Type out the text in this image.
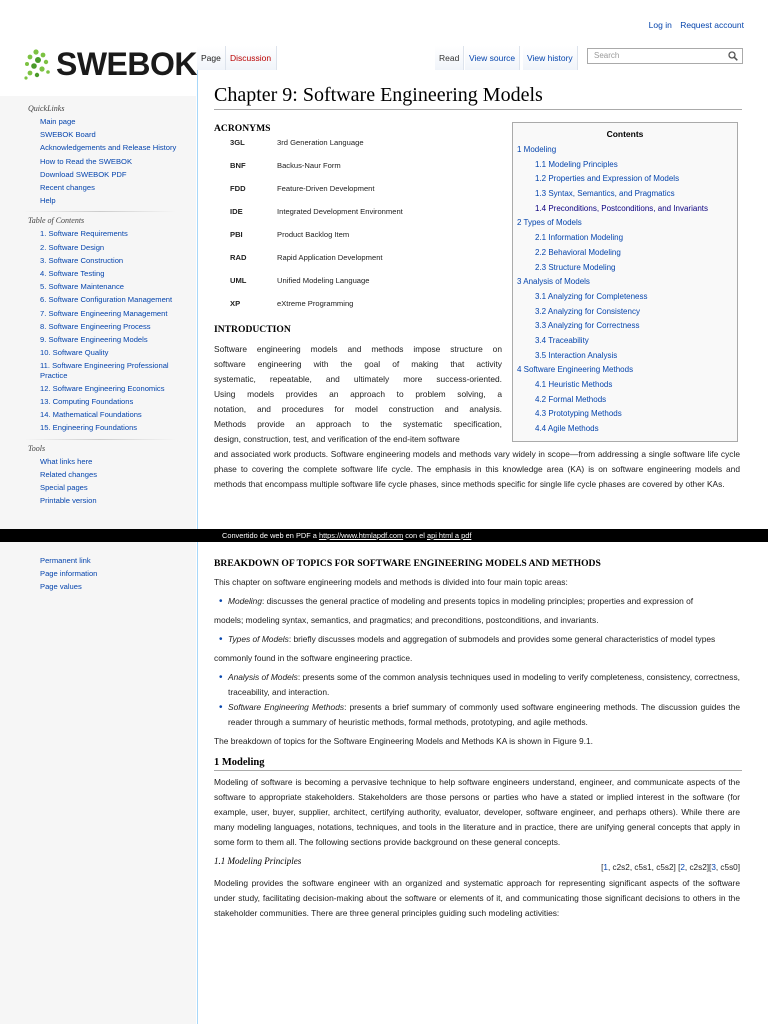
Log in Request account
SWEBOK
QuickLinks
Main page
SWEBOK Board
Acknowledgements and Release History
How to Read the SWEBOK
Download SWEBOK PDF
Recent changes
Help
Table of Contents
1. Software Requirements
2. Software Design
3. Software Construction
4. Software Testing
5. Software Maintenance
6. Software Configuration Management
7. Software Engineering Management
8. Software Engineering Process
9. Software Engineering Models
10. Software Quality
11. Software Engineering Professional Practice
12. Software Engineering Economics
13. Computing Foundations
14. Mathematical Foundations
15. Engineering Foundations
Tools
What links here
Related changes
Special pages
Printable version
Permanent link
Page information
Page values
Page	Discussion	Read	View source	View history	Search
Chapter 9: Software Engineering Models
ACRONYMS
3GL	3rd Generation Language
BNF	Backus-Naur Form
FDD	Feature-Driven Development
IDE	Integrated Development Environment
PBI	Product Backlog Item
RAD	Rapid Application Development
UML	Unified Modeling Language
XP	eXtreme Programming
INTRODUCTION
Software engineering models and methods impose structure on
software engineering with the goal of making that activity
systematic, repeatable, and ultimately more success-oriented.
Using models provides an approach to problem solving, a
notation, and procedures for model construction and analysis.
Methods provide an approach to the systematic specification,
design, construction, test, and verification of the end-item software
and associated work products. Software engineering models and methods vary widely in scope—from addressing a single software life cycle phase to covering the complete software life cycle. The emphasis in this knowledge area (KA) is on software engineering models and methods that encompass multiple software life cycle phases, since methods specific for single life cycle phases are covered by other KAs.
Contents
1 Modeling
1.1 Modeling Principles
1.2 Properties and Expression of Models
1.3 Syntax, Semantics, and Pragmatics
1.4 Preconditions, Postconditions, and Invariants
2 Types of Models
2.1 Information Modeling
2.2 Behavioral Modeling
2.3 Structure Modeling
3 Analysis of Models
3.1 Analyzing for Completeness
3.2 Analyzing for Consistency
3.3 Analyzing for Correctness
3.4 Traceability
3.5 Interaction Analysis
4 Software Engineering Methods
4.1 Heuristic Methods
4.2 Formal Methods
4.3 Prototyping Methods
4.4 Agile Methods
Convertido de web en PDF a https://www.htmlapdf.com con el api html a pdf
BREAKDOWN OF TOPICS FOR SOFTWARE ENGINEERING MODELS AND METHODS
This chapter on software engineering models and methods is divided into four main topic areas:
• Modeling: discusses the general practice of modeling and presents topics in modeling principles; properties and expression of
models; modeling syntax, semantics, and pragmatics; and preconditions, postconditions, and invariants.
• Types of Models: briefly discusses models and aggregation of submodels and provides some general characteristics of model types
commonly found in the software engineering practice.
• Analysis of Models: presents some of the common analysis techniques used in modeling to verify completeness, consistency, correctness, traceability, and interaction.
• Software Engineering Methods: presents a brief summary of commonly used software engineering methods. The discussion guides the reader through a summary of heuristic methods, formal methods, prototyping, and agile methods.
The breakdown of topics for the Software Engineering Models and Methods KA is shown in Figure 9.1.
1 Modeling
Modeling of software is becoming a pervasive technique to help software engineers understand, engineer, and communicate aspects of the software to appropriate stakeholders. Stakeholders are those persons or parties who have a stated or implied interest in the software (for example, user, buyer, supplier, architect, certifying authority, evaluator, developer, software engineer, and perhaps others). While there are many modeling languages, notations, techniques, and tools in the literature and in practice, there are unifying general concepts that apply in some form to them all. The following sections provide background on these general concepts.
1.1 Modeling Principles
[1, c2s2, c5s1, c5s2] [2, c2s2][3, c5s0]
Modeling provides the software engineer with an organized and systematic approach for representing significant aspects of the software under study, facilitating decision-making about the software or elements of it, and communicating those significant decisions to others in the stakeholder communities. There are three general principles guiding such modeling activities:
